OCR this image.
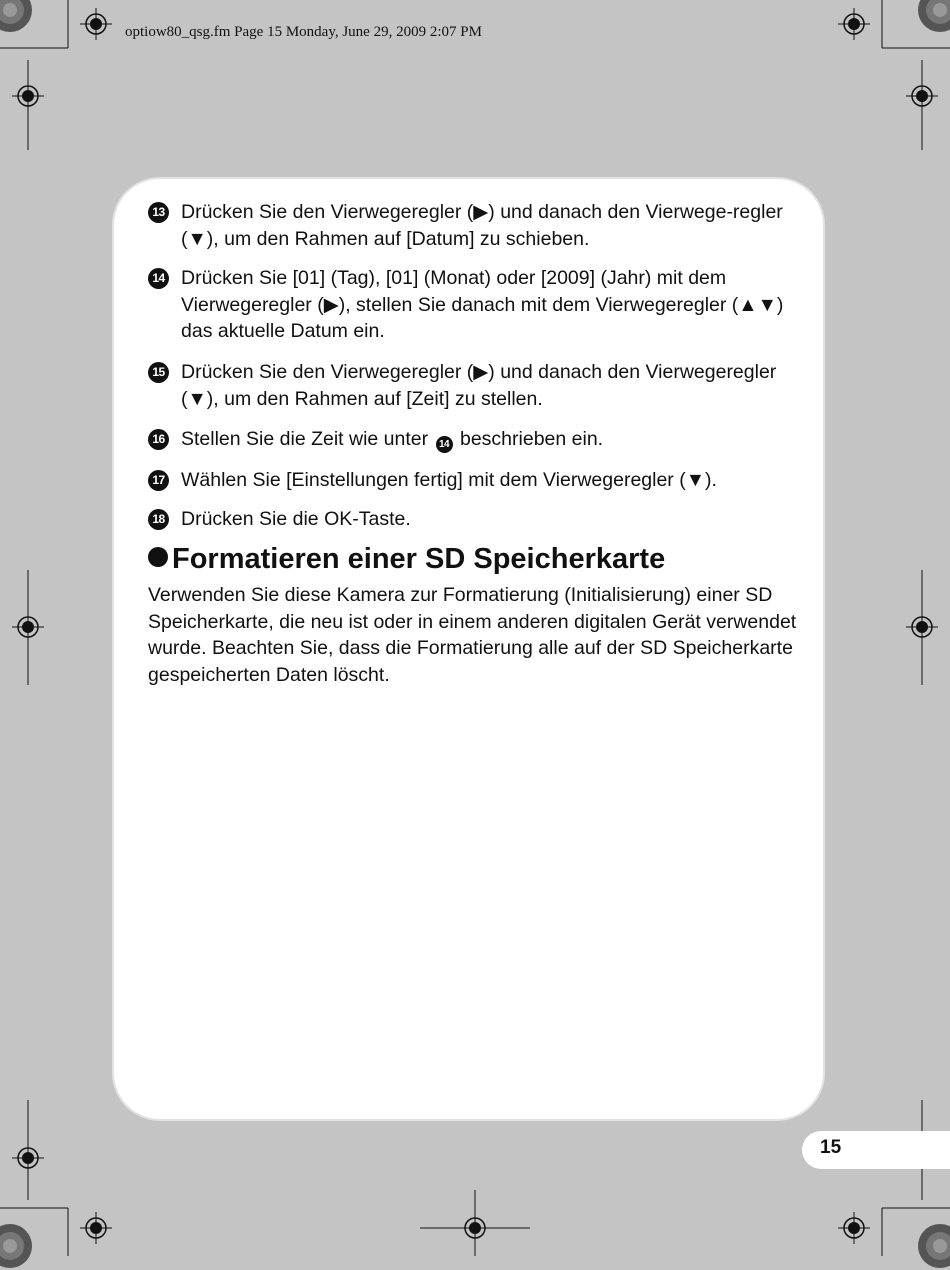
optiow80_qsg.fm Page 15 Monday, June 29, 2009 2:07 PM
13 Drücken Sie den Vierwegeregler (▶) und danach den Vierwege-regler (▼), um den Rahmen auf [Datum] zu schieben.
14 Drücken Sie [01] (Tag), [01] (Monat) oder [2009] (Jahr) mit dem Vierwegeregler (▶), stellen Sie danach mit dem Vierwegeregler (▲▼) das aktuelle Datum ein.
15 Drücken Sie den Vierwegeregler (▶) und danach den Vierwegeregler (▼), um den Rahmen auf [Zeit] zu stellen.
16 Stellen Sie die Zeit wie unter 14 beschrieben ein.
17 Wählen Sie [Einstellungen fertig] mit dem Vierwegeregler (▼).
18 Drücken Sie die OK-Taste.
Formatieren einer SD Speicherkarte
Verwenden Sie diese Kamera zur Formatierung (Initialisierung) einer SD Speicherkarte, die neu ist oder in einem anderen digitalen Gerät verwendet wurde. Beachten Sie, dass die Formatierung alle auf der SD Speicherkarte gespeicherten Daten löscht.
15
